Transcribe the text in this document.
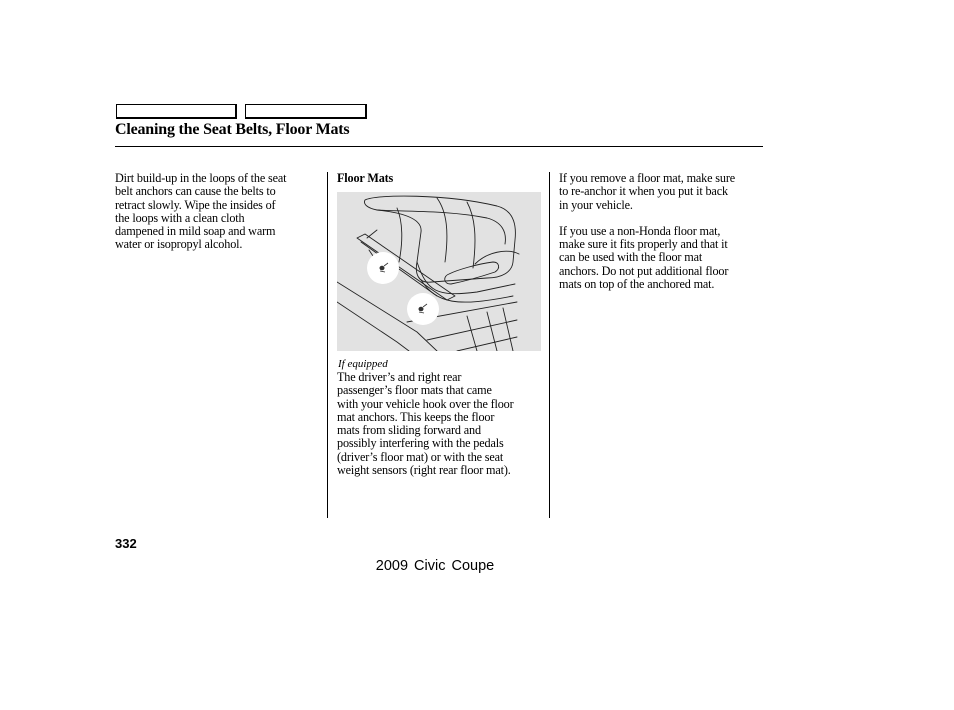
Cleaning the Seat Belts, Floor Mats

Dirt build-up in the loops of the seat

belt anchors can cause the belts to

retract slowly. Wipe the insides of

the loops with a clean cloth

dampened in mild soap and warm

water or isopropyl alcohol.

Floor Mats

If equipped

The driver’s and right rear

passenger’s floor mats that came

with your vehicle hook over the floor

mat anchors. This keeps the floor

mats from sliding forward and

possibly interfering with the pedals

(driver’s floor mat) or with the seat

weight sensors (right rear floor mat).

If you remove a floor mat, make sure

to re-anchor it when you put it back

in your vehicle.

If you use a non-Honda floor mat,

make sure it fits properly and that it

can be used with the floor mat

anchors. Do not put additional floor

mats on top of the anchored mat.

332
2009 Civic Coupe
